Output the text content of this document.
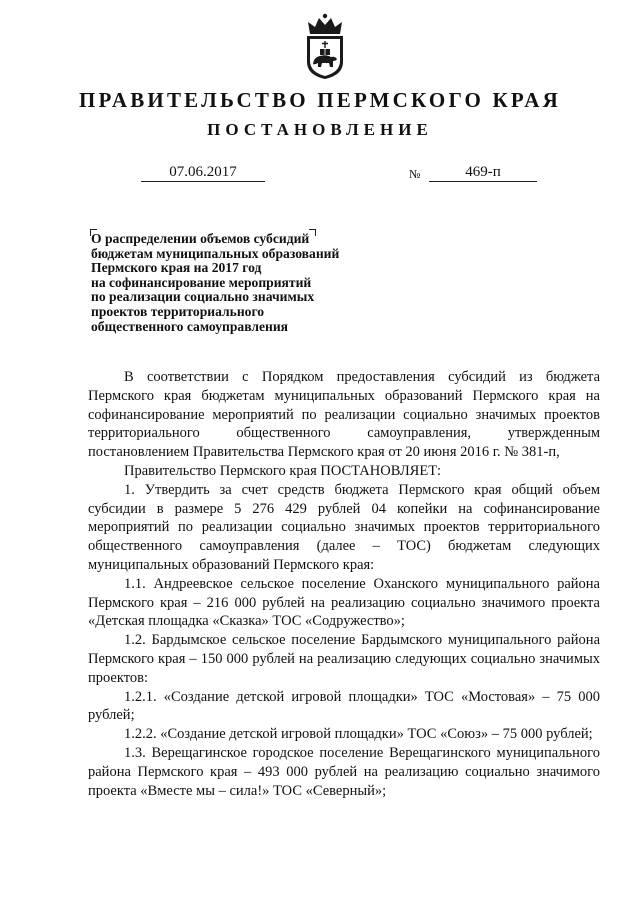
ПРАВИТЕЛЬСТВО ПЕРМСКОГО КРАЯ
ПОСТАНОВЛЕНИЕ
07.06.2017	№	469-п
О распределении объемов субсидий
бюджетам муниципальных образований
Пермского края на 2017 год
на софинансирование мероприятий
по реализации социально значимых
проектов территориального
общественного самоуправления

В соответствии с Порядком предоставления субсидий из бюджета Пермского края бюджетам муниципальных образований Пермского края на софинансирование мероприятий по реализации социально значимых проектов территориального общественного самоуправления, утвержденным постановлением Правительства Пермского края от 20 июня 2016 г. № 381-п,

Правительство Пермского края ПОСТАНОВЛЯЕТ:

1. Утвердить за счет средств бюджета Пермского края общий объем субсидии в размере 5 276 429 рублей 04 копейки на софинансирование мероприятий по реализации социально значимых проектов территориального общественного самоуправления (далее – ТОС) бюджетам следующих муниципальных образований Пермского края:

1.1. Андреевское сельское поселение Оханского муниципального района Пермского края – 216 000 рублей на реализацию социально значимого проекта «Детская площадка «Сказка» ТОС «Содружество»;

1.2. Бардымское сельское поселение Бардымского муниципального района Пермского края – 150 000 рублей на реализацию следующих социально значимых проектов:

1.2.1. «Создание детской игровой площадки» ТОС «Мостовая» – 75 000 рублей;

1.2.2. «Создание детской игровой площадки» ТОС «Союз» – 75 000 рублей;

1.3. Верещагинское городское поселение Верещагинского муниципального района Пермского края – 493 000 рублей на реализацию социально значимого проекта «Вместе мы – сила!» ТОС «Северный»;
